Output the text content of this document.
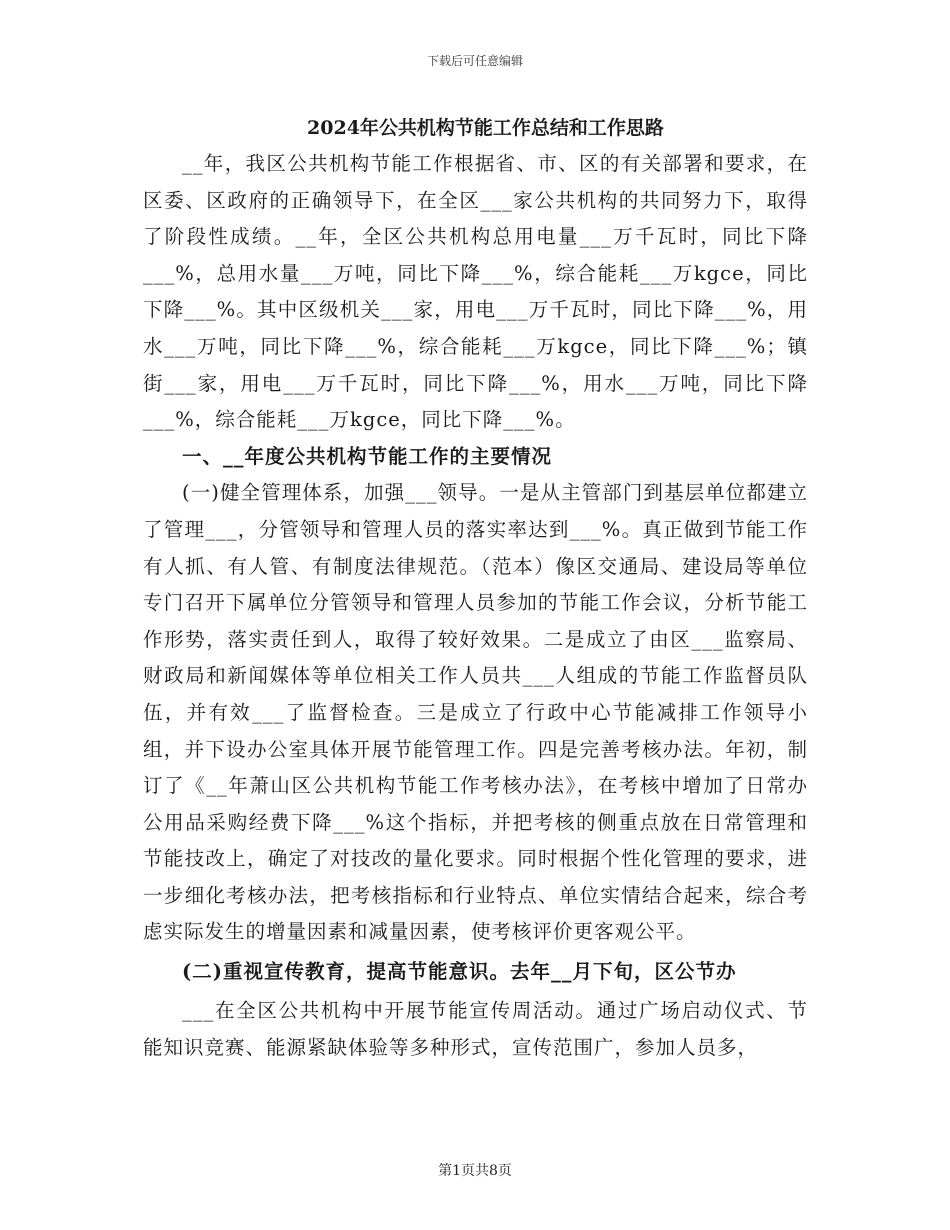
下载后可任意编辑
2024年公共机构节能工作总结和工作思路

__年，我区公共机构节能工作根据省、市、区的有关部署和要求，在区委、区政府的正确领导下，在全区___家公共机构的共同努力下，取得了阶段性成绩。__年，全区公共机构总用电量___万千瓦时，同比下降___%，总用水量___万吨，同比下降___%，综合能耗___万kgce，同比下降___%。其中区级机关___家，用电___万千瓦时，同比下降___%，用水___万吨，同比下降___%，综合能耗___万kgce，同比下降___%；镇街___家，用电___万千瓦时，同比下降___%，用水___万吨，同比下降___%，综合能耗___万kgce，同比下降___%。

一、__年度公共机构节能工作的主要情况

(一)健全管理体系，加强___领导。一是从主管部门到基层单位都建立了管理___，分管领导和管理人员的落实率达到___%。真正做到节能工作有人抓、有人管、有制度法律规范。（范本）像区交通局、建设局等单位专门召开下属单位分管领导和管理人员参加的节能工作会议，分析节能工作形势，落实责任到人，取得了较好效果。二是成立了由区___监察局、财政局和新闻媒体等单位相关工作人员共___人组成的节能工作监督员队伍，并有效___了监督检查。三是成立了行政中心节能减排工作领导小组，并下设办公室具体开展节能管理工作。四是完善考核办法。年初，制订了《__年萧山区公共机构节能工作考核办法》，在考核中增加了日常办公用品采购经费下降___%这个指标，并把考核的侧重点放在日常管理和节能技改上，确定了对技改的量化要求。同时根据个性化管理的要求，进一步细化考核办法，把考核指标和行业特点、单位实情结合起来，综合考虑实际发生的增量因素和减量因素，使考核评价更客观公平。

(二)重视宣传教育，提高节能意识。去年__月下旬，区公节办

___在全区公共机构中开展节能宣传周活动。通过广场启动仪式、节能知识竞赛、能源紧缺体验等多种形式，宣传范围广，参加人员多，

第1页共8页
